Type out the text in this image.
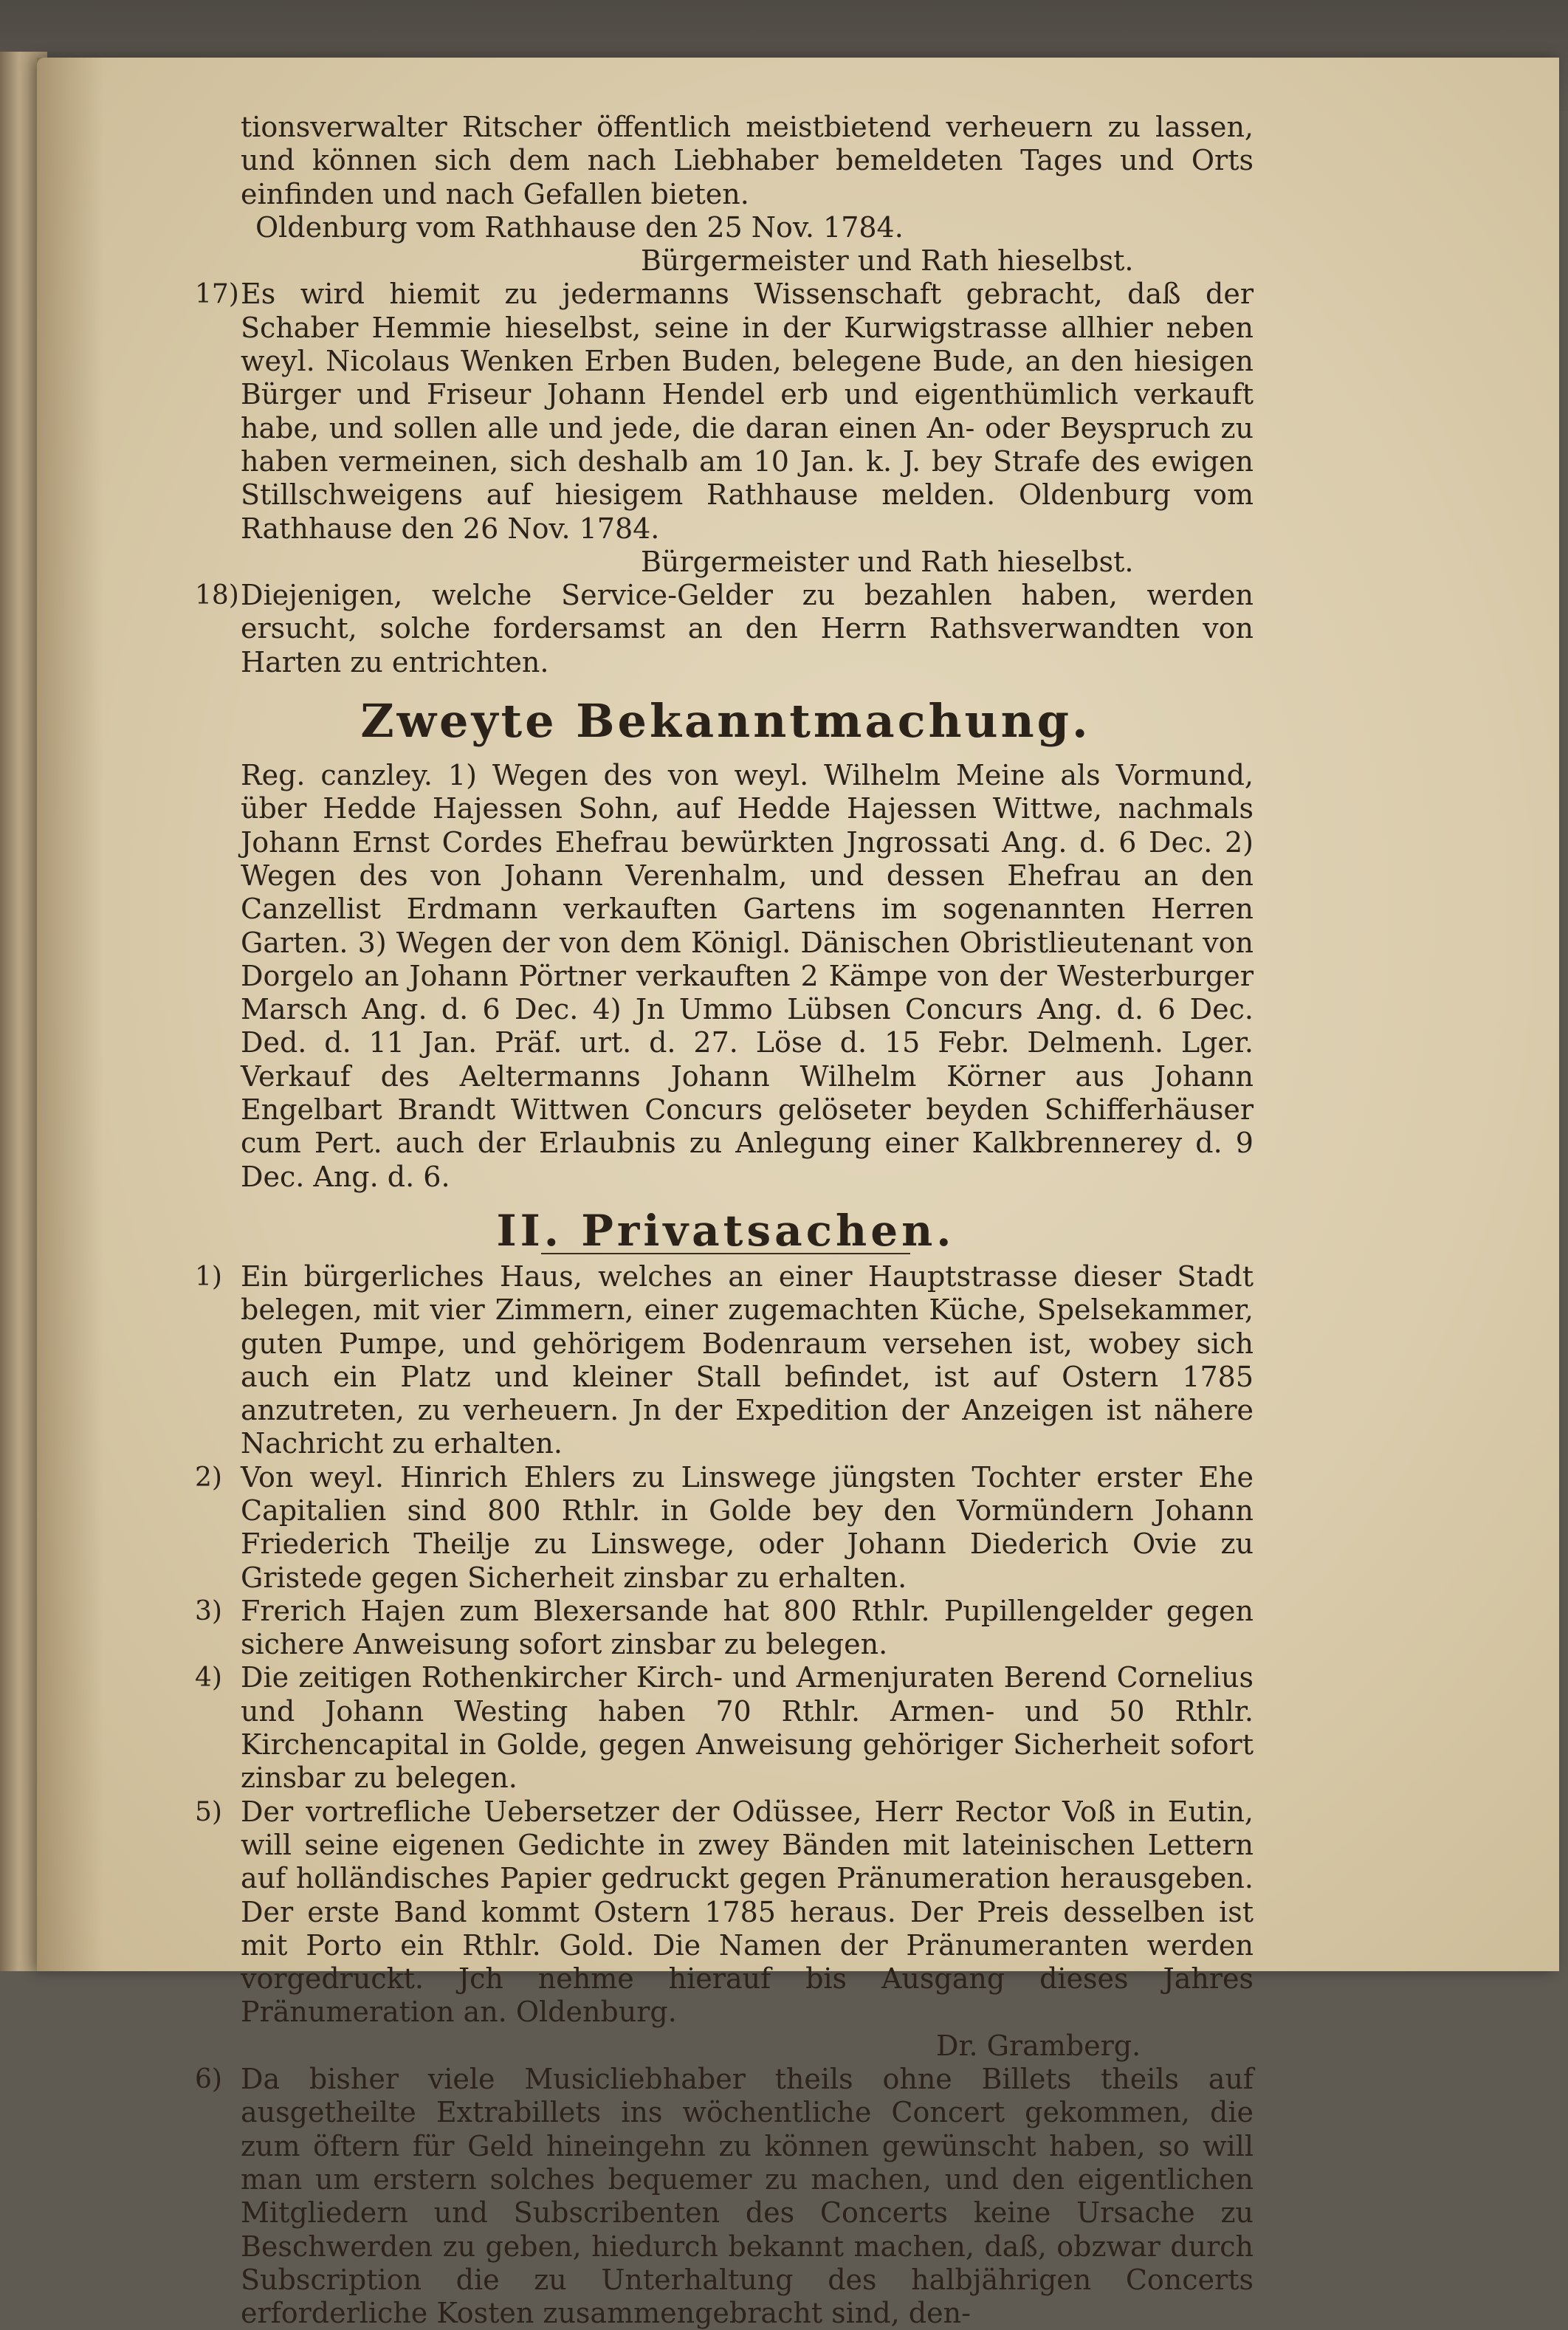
tionsverwalter Ritscher öffentlich meistbietend verheuern zu lassen, und können sich dem nach Liebhaber bemeldeten Tages und Orts einfinden und nach Gefallen bieten.

Oldenburg vom Rathhause den 25 Nov. 1784.

Bürgermeister und Rath hieselbst.

17) Es wird hiemit zu jedermanns Wissenschaft gebracht, daß der Schaber Hemmie hieselbst, seine in der Kurwigstrasse allhier neben weyl. Nicolaus Wenken Erben Buden, belegene Bude, an den hiesigen Bürger und Friseur Johann Hendel erb und eigenthümlich verkauft habe, und sollen alle und jede, die daran einen An- oder Beyspruch zu haben vermeinen, sich deshalb am 10 Jan. k. J. bey Strafe des ewigen Stillschweigens auf hiesigem Rathhause melden. Oldenburg vom Rathhause den 26 Nov. 1784.

Bürgermeister und Rath hieselbst.

18) Diejenigen, welche Service-Gelder zu bezahlen haben, werden ersucht, solche fordersamst an den Herrn Rathsverwandten von Harten zu entrichten.
Zweyte Bekanntmachung.

Reg. canzley. 1) Wegen des von weyl. Wilhelm Meine als Vormund, über Hedde Hajessen Sohn, auf Hedde Hajessen Wittwe, nachmals Johann Ernst Cordes Ehefrau bewürkten Jngrossati Ang. d. 6 Dec. 2) Wegen des von Johann Verenhalm, und dessen Ehefrau an den Canzellist Erdmann verkauften Gartens im sogenannten Herren Garten. 3) Wegen der von dem Königl. Dänischen Obristlieutenant von Dorgelo an Johann Pörtner verkauften 2 Kämpe von der Westerburger Marsch Ang. d. 6 Dec. 4) Jn Ummo Lübsen Concurs Ang. d. 6 Dec. Ded. d. 11 Jan. Präf. urt. d. 27. Löse d. 15 Febr. Delmenh. Lger. Verkauf des Aeltermanns Johann Wilhelm Körner aus Johann Engelbart Brandt Wittwen Concurs gelöseter beyden Schifferhäuser cum Pert. auch der Erlaubnis zu Anlegung einer Kalkbrennerey d. 9 Dec. Ang. d. 6.

II. Privatsachen.
1) Ein bürgerliches Haus, welches an einer Hauptstrasse dieser Stadt belegen, mit vier Zimmern, einer zugemachten Küche, Spelsekammer, guten Pumpe, und gehörigem Bodenraum versehen ist, wobey sich auch ein Platz und kleiner Stall befindet, ist auf Ostern 1785 anzutreten, zu verheuern. Jn der Expedition der Anzeigen ist nähere Nachricht zu erhalten.
2) Von weyl. Hinrich Ehlers zu Linswege jüngsten Tochter erster Ehe Capitalien sind 800 Rthlr. in Golde bey den Vormündern Johann Friederich Theilje zu Linswege, oder Johann Diederich Ovie zu Gristede gegen Sicherheit zinsbar zu erhalten.
3) Frerich Hajen zum Blexersande hat 800 Rthlr. Pupillengelder gegen sichere Anweisung sofort zinsbar zu belegen.
4) Die zeitigen Rothenkircher Kirch- und Armenjuraten Berend Cornelius und Johann Westing haben 70 Rthlr. Armen- und 50 Rthlr. Kirchencapital in Golde, gegen Anweisung gehöriger Sicherheit sofort zinsbar zu belegen.
5) Der vortrefliche Uebersetzer der Odüssee, Herr Rector Voß in Eutin, will seine eigenen Gedichte in zwey Bänden mit lateinischen Lettern auf holländisches Papier gedruckt gegen Pränumeration herausgeben. Der erste Band kommt Ostern 1785 heraus. Der Preis desselben ist mit Porto ein Rthlr. Gold. Die Namen der Pränumeranten werden vorgedruckt. Jch nehme hierauf bis Ausgang dieses Jahres Pränumeration an. Oldenburg.

Dr. Gramberg.

6) Da bisher viele Musicliebhaber theils ohne Billets theils auf ausgetheilte Extrabillets ins wöchentliche Concert gekommen, die zum öftern für Geld hineingehn zu können gewünscht haben, so will man um erstern solches bequemer zu machen, und den eigentlichen Mitgliedern und Subscribenten des Concerts keine Ursache zu Beschwerden zu geben, hiedurch bekannt machen, daß, obzwar durch Subscription die zu Unterhaltung des halbjährigen Concerts erforderliche Kosten zusammengebracht sind, den-
